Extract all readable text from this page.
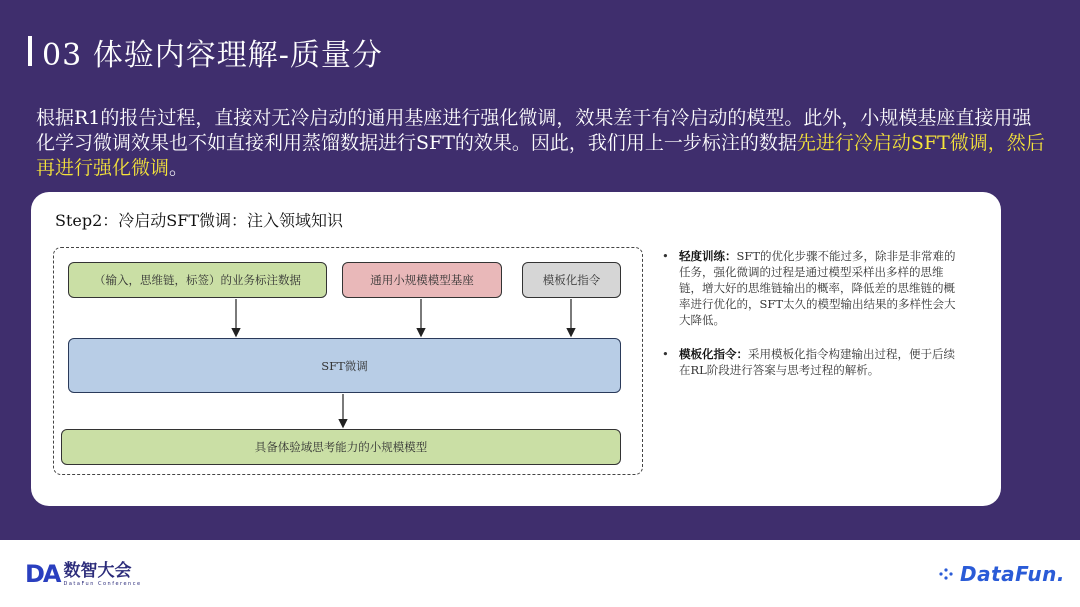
03 体验内容理解-质量分
根据R1的报告过程，直接对无冷启动的通用基座进行强化微调，效果差于有冷启动的模型。此外，小规模基座直接用强化学习微调效果也不如直接利用蒸馏数据进行SFT的效果。因此，我们用上一步标注的数据先进行冷启动SFT微调，然后再进行强化微调。
Step2：冷启动SFT微调：注入领域知识
（输入，思维链，标签）的业务标注数据	通用小规模模型基座	模板化指令
SFT微调
具备体验域思考能力的小规模模型
• 轻度训练：SFT的优化步骤不能过多，除非是非常难的任务，强化微调的过程是通过模型采样出多样的思维链，增大好的思维链输出的概率，降低差的思维链的概率进行优化的，SFT太久的模型输出结果的多样性会大大降低。
• 模板化指令：采用模板化指令构建输出过程，便于后续在RL阶段进行答案与思考过程的解析。
DA 数智大会
DataFun Conference	DataFun.
